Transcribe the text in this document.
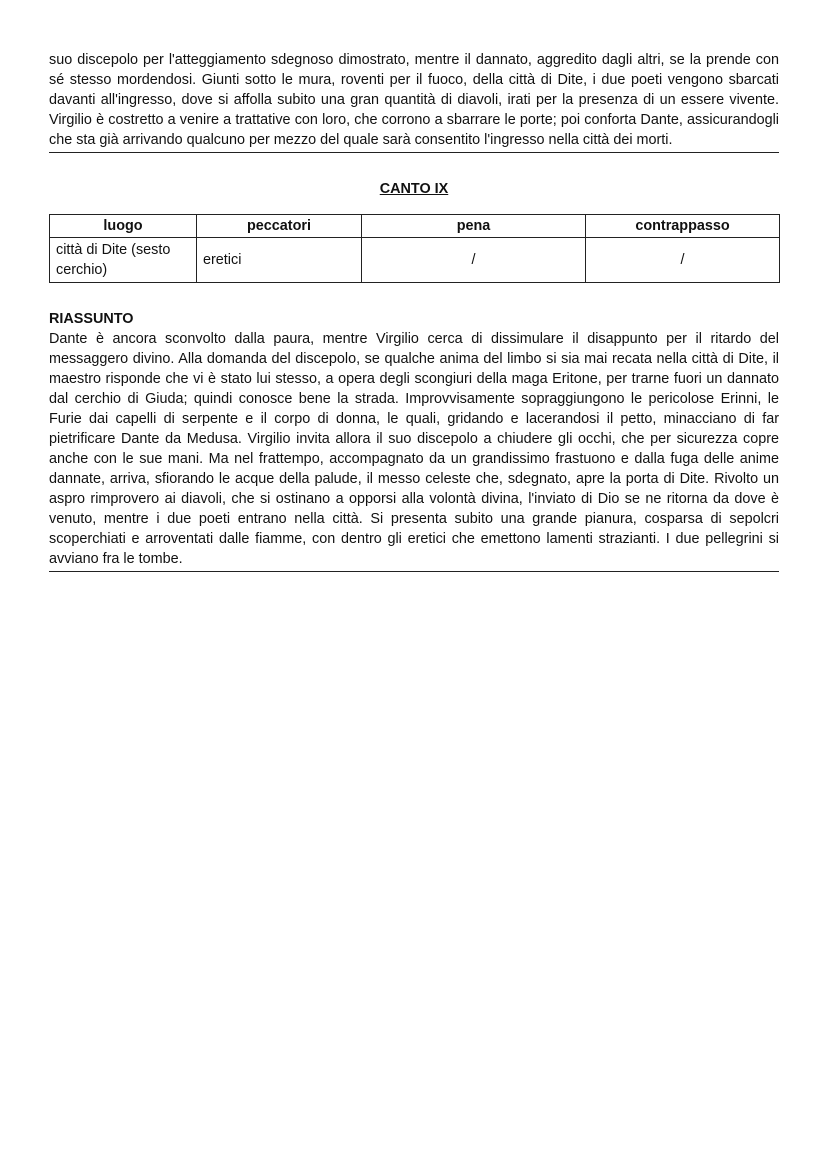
suo discepolo per l'atteggiamento sdegnoso dimostrato, mentre il dannato, aggredito dagli altri, se la prende con sé stesso mordendosi. Giunti sotto le mura, roventi per il fuoco, della città di Dite, i due poeti vengono sbarcati davanti all'ingresso, dove si affolla subito una gran quantità di diavoli, irati per la presenza di un essere vivente. Virgilio è costretto a venire a trattative con loro, che corrono a sbarrare le porte; poi conforta Dante, assicurandogli che sta già arrivando qualcuno per mezzo del quale sarà consentito l'ingresso nella città dei morti.

CANTO IX
luogo	peccatori	pena	contrappasso
città di Dite (sesto cerchio)	eretici	/	/
RIASSUNTO

Dante è ancora sconvolto dalla paura, mentre Virgilio cerca di dissimulare il disappunto per il ritardo del messaggero divino. Alla domanda del discepolo, se qualche anima del limbo si sia mai recata nella città di Dite, il maestro risponde che vi è stato lui stesso, a opera degli scongiuri della maga Eritone, per trarne fuori un dannato dal cerchio di Giuda; quindi conosce bene la strada. Improvvisamente sopraggiungono le pericolose Erinni, le Furie dai capelli di serpente e il corpo di donna, le quali, gridando e lacerandosi il petto, minacciano di far pietrificare Dante da Medusa. Virgilio invita allora il suo discepolo a chiudere gli occhi, che per sicurezza copre anche con le sue mani. Ma nel frattempo, accompagnato da un grandissimo frastuono e dalla fuga delle anime dannate, arriva, sfiorando le acque della palude, il messo celeste che, sdegnato, apre la porta di Dite. Rivolto un aspro rimprovero ai diavoli, che si ostinano a opporsi alla volontà divina, l'inviato di Dio se ne ritorna da dove è venuto, mentre i due poeti entrano nella città. Si presenta subito una grande pianura, cosparsa di sepolcri scoperchiati e arroventati dalle fiamme, con dentro gli eretici che emettono lamenti strazianti. I due pellegrini si avviano fra le tombe.
